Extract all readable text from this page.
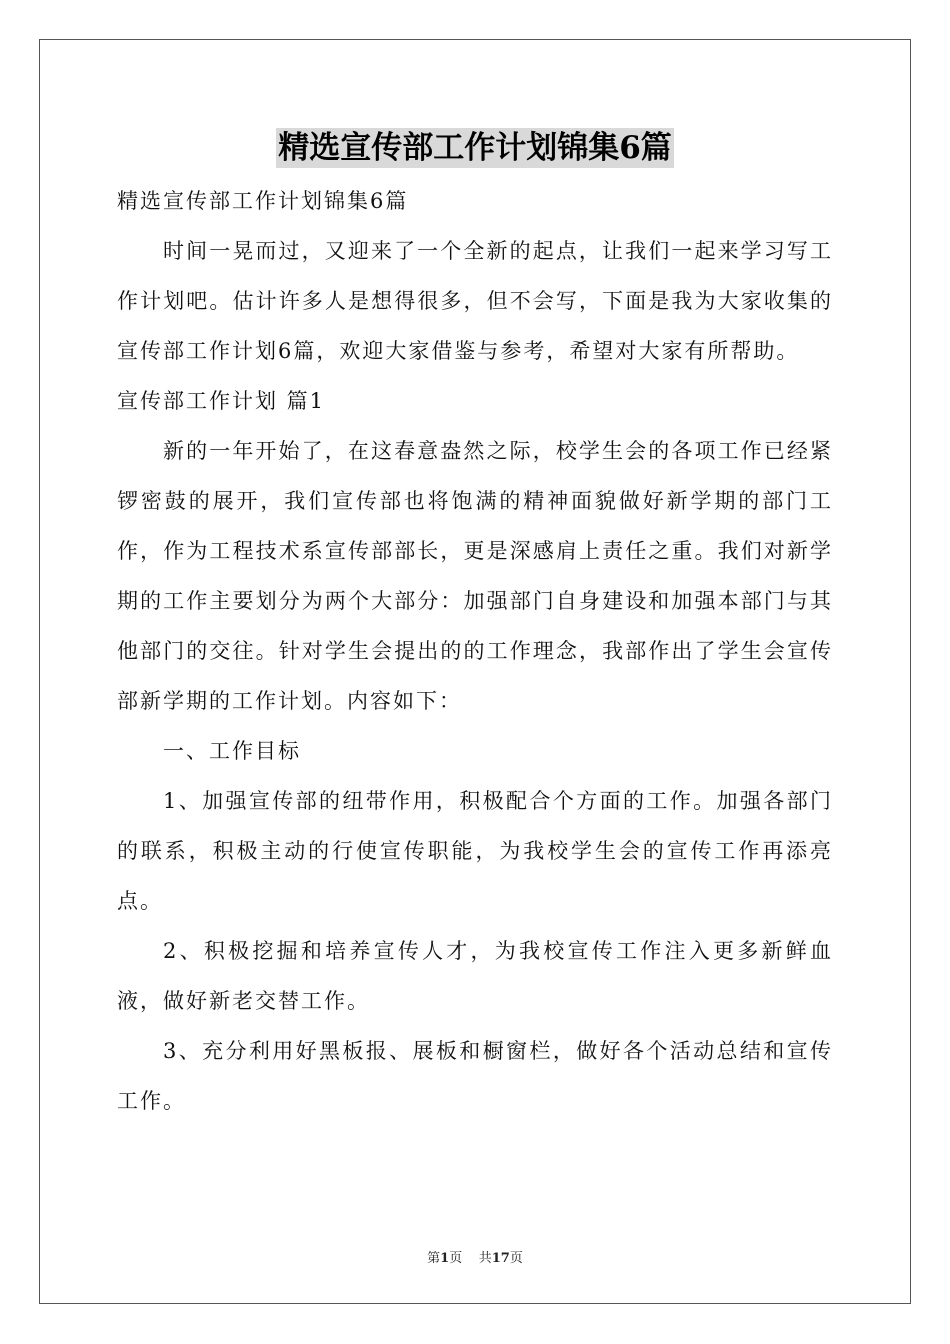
精选宣传部工作计划锦集6篇

精选宣传部工作计划锦集6篇

时间一晃而过，又迎来了一个全新的起点，让我们一起来学习写工作计划吧。估计许多人是想得很多，但不会写，下面是我为大家收集的宣传部工作计划6篇，欢迎大家借鉴与参考，希望对大家有所帮助。

宣传部工作计划 篇1

新的一年开始了，在这春意盎然之际，校学生会的各项工作已经紧锣密鼓的展开，我们宣传部也将饱满的精神面貌做好新学期的部门工作，作为工程技术系宣传部部长，更是深感肩上责任之重。我们对新学期的工作主要划分为两个大部分：加强部门自身建设和加强本部门与其他部门的交往。针对学生会提出的的工作理念，我部作出了学生会宣传部新学期的工作计划。内容如下：

一、工作目标

1、加强宣传部的纽带作用，积极配合个方面的工作。加强各部门的联系，积极主动的行使宣传职能，为我校学生会的宣传工作再添亮点。

2、积极挖掘和培养宣传人才，为我校宣传工作注入更多新鲜血液，做好新老交替工作。

3、充分利用好黑板报、展板和橱窗栏，做好各个活动总结和宣传工作。

第1页 共17页
